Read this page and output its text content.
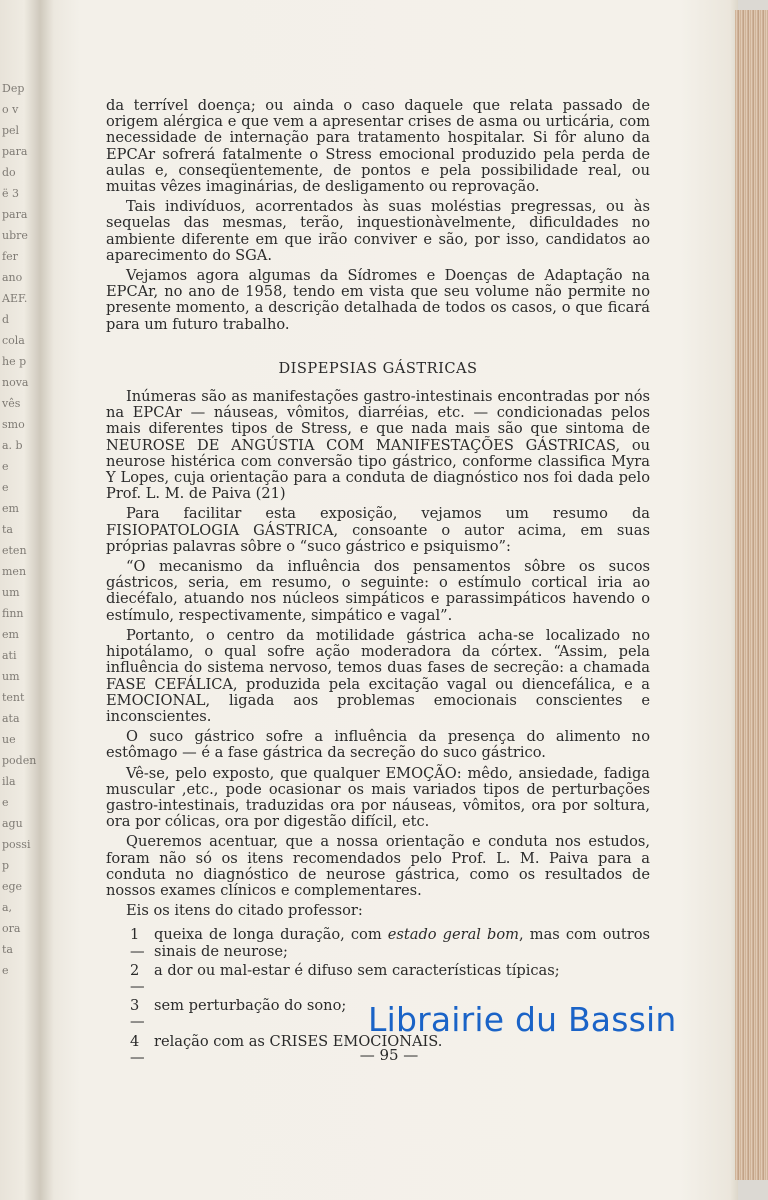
Dep
o v
pel
para
do
ë 3
para
ubre
fer
ano
AEF.
d
cola
he p
nova
vês
smo
a. b
e
e
em
ta
eten
men
um
finn
em
ati
um
tent
ata
ue
poden
ila
e
agu
possi
p
ege
a,
ora
ta
e

da terrível doença; ou ainda o caso daquele que relata passado de origem alérgica e que vem a apresentar crises de asma ou urticária, com necessidade de internação para tratamento hospitalar. Si fôr aluno da EPCAr sofrerá fatalmente o Stress emocional produzido pela perda de aulas e, conseqüentemente, de pontos e pela possibilidade real, ou muitas vêzes imaginárias, de desligamento ou reprovação.

Tais indivíduos, acorrentados às suas moléstias pregressas, ou às sequelas das mesmas, terão, inquestionàvelmente, dificuldades no ambiente diferente em que irão conviver e são, por isso, candidatos ao aparecimento do SGA.

Vejamos agora algumas da Sídromes e Doenças de Adaptação na EPCAr, no ano de 1958, tendo em vista que seu volume não permite no presente momento, a descrição detalhada de todos os casos, o que ficará para um futuro trabalho.

DISPEPSIAS GÁSTRICAS

Inúmeras são as manifestações gastro-intestinais encontradas por nós na EPCAr — náuseas, vômitos, diarréias, etc. — condicionadas pelos mais diferentes tipos de Stress, e que nada mais são que sintoma de NEUROSE DE ANGÚSTIA COM MANIFESTAÇÕES GÁSTRICAS, ou neurose histérica com conversão tipo gástrico, conforme classifica Myra Y Lopes, cuja orientação para a conduta de diagnóstico nos foi dada pelo Prof. L. M. de Paiva (21)

Para facilitar esta exposição, vejamos um resumo da FISIOPATOLOGIA GÁSTRICA, consoante o autor acima, em suas próprias palavras sôbre o “suco gástrico e psiquismo”:

“O mecanismo da influência dos pensamentos sôbre os sucos gástricos, seria, em resumo, o seguinte: o estímulo cortical iria ao diecéfalo, atuando nos núcleos simpáticos e parassimpáticos havendo o estímulo, respectivamente, simpático e vagal”.

Portanto, o centro da motilidade gástrica acha-se localizado no hipotálamo, o qual sofre ação moderadora da córtex. “Assim, pela influência do sistema nervoso, temos duas fases de secreção: a chamada FASE CEFÁLICA, produzida pela excitação vagal ou diencefálica, e a EMOCIONAL, ligada aos problemas emocionais conscientes e inconscientes.

O suco gástrico sofre a influência da presença do alimento no estômago — é a fase gástrica da secreção do suco gástrico.

Vê-se, pelo exposto, que qualquer EMOÇÃO: mêdo, ansiedade, fadiga muscular ,etc., pode ocasionar os mais variados tipos de perturbações gastro-intestinais, traduzidas ora por náuseas, vômitos, ora por soltura, ora por cólicas, ora por digestão difícil, etc.

Queremos acentuar, que a nossa orientação e conduta nos estudos, foram não só os itens recomendados pelo Prof. L. M. Paiva para a conduta no diagnóstico de neurose gástrica, como os resultados de nossos exames clínicos e complementares.

Eis os itens do citado professor:

1 —
queixa de longa duração, com estado geral bom, mas com outros sinais de neurose;
2 —
a dor ou mal-estar é difuso sem características típicas;
3 —
sem perturbação do sono;
4 —
relação com as CRISES EMOCIONAIS.
— 95 —
Librairie du Bassin
